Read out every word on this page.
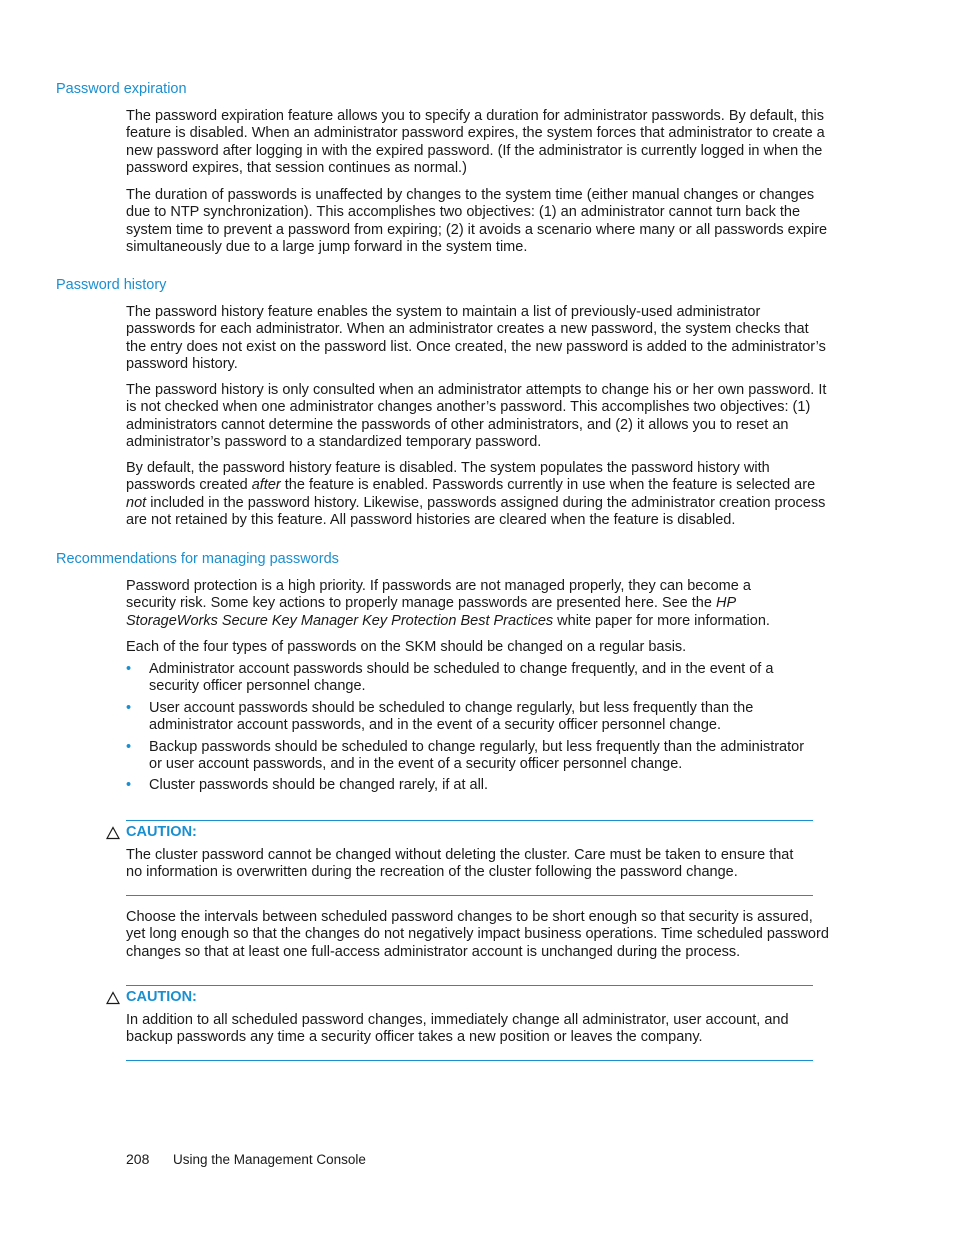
Password expiration

The password expiration feature allows you to specify a duration for administrator passwords. By default, this feature is disabled. When an administrator password expires, the system forces that administrator to create a new password after logging in with the expired password. (If the administrator is currently logged in when the password expires, that session continues as normal.)

The duration of passwords is unaffected by changes to the system time (either manual changes or changes due to NTP synchronization). This accomplishes two objectives: (1) an administrator cannot turn back the system time to prevent a password from expiring; (2) it avoids a scenario where many or all passwords expire simultaneously due to a large jump forward in the system time.

Password history

The password history feature enables the system to maintain a list of previously-used administrator passwords for each administrator. When an administrator creates a new password, the system checks that the entry does not exist on the password list. Once created, the new password is added to the administrator’s password history.

The password history is only consulted when an administrator attempts to change his or her own password. It is not checked when one administrator changes another’s password. This accomplishes two objectives: (1) administrators cannot determine the passwords of other administrators, and (2) it allows you to reset an administrator’s password to a standardized temporary password.

By default, the password history feature is disabled. The system populates the password history with passwords created after the feature is enabled. Passwords currently in use when the feature is selected are not included in the password history. Likewise, passwords assigned during the administrator creation process are not retained by this feature. All password histories are cleared when the feature is disabled.

Recommendations for managing passwords

Password protection is a high priority. If passwords are not managed properly, they can become a security risk. Some key actions to properly manage passwords are presented here. See the HP StorageWorks Secure Key Manager Key Protection Best Practices white paper for more information.

Each of the four types of passwords on the SKM should be changed on a regular basis.

• Administrator account passwords should be scheduled to change frequently, and in the event of a security officer personnel change.
• User account passwords should be scheduled to change regularly, but less frequently than the administrator account passwords, and in the event of a security officer personnel change.
• Backup passwords should be scheduled to change regularly, but less frequently than the administrator or user account passwords, and in the event of a security officer personnel change.
• Cluster passwords should be changed rarely, if at all.
CAUTION:

The cluster password cannot be changed without deleting the cluster. Care must be taken to ensure that no information is overwritten during the recreation of the cluster following the password change.

Choose the intervals between scheduled password changes to be short enough so that security is assured, yet long enough so that the changes do not negatively impact business operations. Time scheduled password changes so that at least one full-access administrator account is unchanged during the process.

CAUTION:

In addition to all scheduled password changes, immediately change all administrator, user account, and backup passwords any time a security officer takes a new position or leaves the company.

208 Using the Management Console
